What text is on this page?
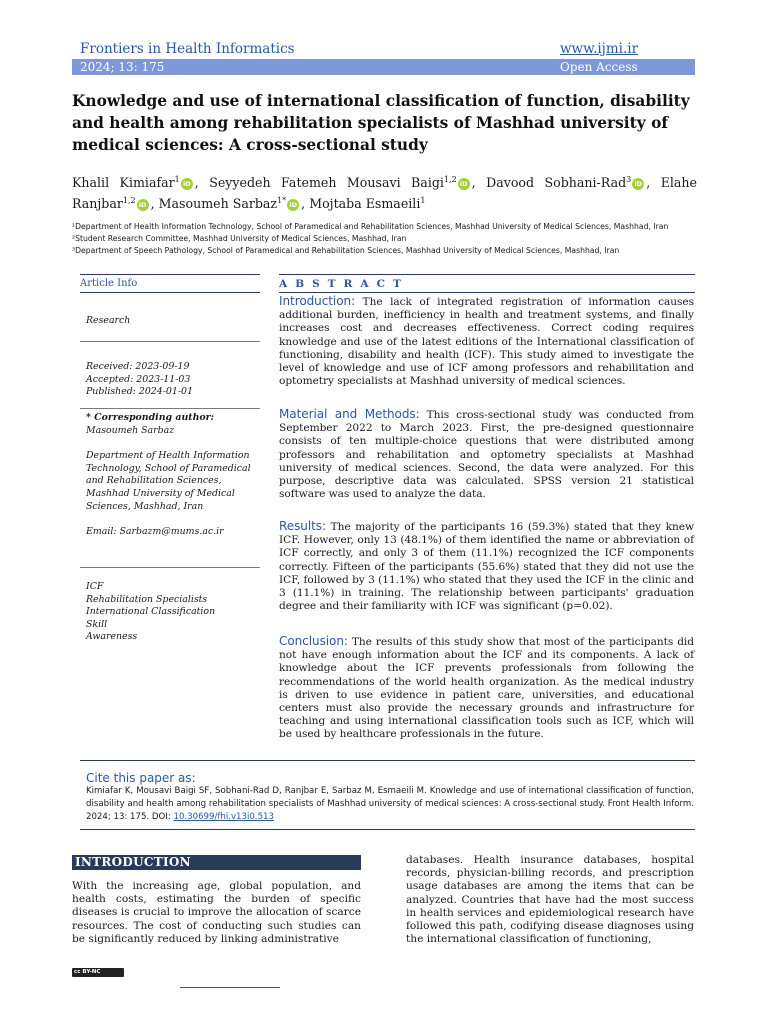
Frontiers in Health Informatics	www.ijmi.ir
2024; 13: 175	Open Access
Knowledge and use of international classification of function, disability and health among rehabilitation specialists of Mashhad university of medical sciences: A cross-sectional study
Khalil Kimiafar$^1$iD , Seyyedeh Fatemeh Mousavi Baigi$^{1,2}$iD , Davood Sobhani-Rad$^3$iD , Elahe Ranjbar$^{1,2}$iD , Masoumeh Sarbaz$^{1*}$iD , Mojtaba Esmaeili$^1$
¹Department of Health Information Technology, School of Paramedical and Rehabilitation Sciences, Mashhad University of Medical Sciences, Mashhad, Iran
²Student Research Committee, Mashhad University of Medical Sciences, Mashhad, Iran
³Department of Speech Pathology, School of Paramedical and Rehabilitation Sciences, Mashhad University of Medical Sciences, Mashhad, Iran
Article Info	A B S T R A C T
Research
Received: 2023-09-19
Accepted: 2023-11-03
Published: 2024-01-01
* Corresponding author:
Masoumeh Sarbaz
Department of Health Information Technology, School of Paramedical and Rehabilitation Sciences, Mashhad University of Medical Sciences, Mashhad, Iran
Email: Sarbazm@mums.ac.ir
ICF
Rehabilitation Specialists
International Classification
Skill
Awareness
Introduction: The lack of integrated registration of information causes additional burden, inefficiency in health and treatment systems, and finally increases cost and decreases effectiveness. Correct coding requires knowledge and use of the latest editions of the International classification of functioning, disability and health (ICF). This study aimed to investigate the level of knowledge and use of ICF among professors and rehabilitation and optometry specialists at Mashhad university of medical sciences.
Material and Methods: This cross-sectional study was conducted from September 2022 to March 2023. First, the pre-designed questionnaire consists of ten multiple-choice questions that were distributed among professors and rehabilitation and optometry specialists at Mashhad university of medical sciences. Second, the data were analyzed. For this purpose, descriptive data was calculated. SPSS version 21 statistical software was used to analyze the data.
Results: The majority of the participants 16 (59.3%) stated that they knew ICF. However, only 13 (48.1%) of them identified the name or abbreviation of ICF correctly, and only 3 of them (11.1%) recognized the ICF components correctly. Fifteen of the participants (55.6%) stated that they did not use the ICF, followed by 3 (11.1%) who stated that they used the ICF in the clinic and 3 (11.1%) in training. The relationship between participants' graduation degree and their familiarity with ICF was significant (p=0.02).
Conclusion: The results of this study show that most of the participants did not have enough information about the ICF and its components. A lack of knowledge about the ICF prevents professionals from following the recommendations of the world health organization. As the medical industry is driven to use evidence in patient care, universities, and educational centers must also provide the necessary grounds and infrastructure for teaching and using international classification tools such as ICF, which will be used by healthcare professionals in the future.
Cite this paper as:
Kimiafar K, Mousavi Baigi SF, Sobhani-Rad D, Ranjbar E, Sarbaz M, Esmaeili M. Knowledge and use of international classification of function, disability and health among rehabilitation specialists of Mashhad university of medical sciences: A cross-sectional study. Front Health Inform. 2024; 13: 175. DOI: 10.30699/fhi.v13i0.513
INTRODUCTION
With the increasing age, global population, and health costs, estimating the burden of specific diseases is crucial to improve the allocation of scarce resources. The cost of conducting such studies can be significantly reduced by linking administrative
databases. Health insurance databases, hospital records, physician-billing records, and prescription usage databases are among the items that can be analyzed. Countries that have had the most success in health services and epidemiological research have followed this path, codifying disease diagnoses using the international classification of functioning,
cc BY-NC
